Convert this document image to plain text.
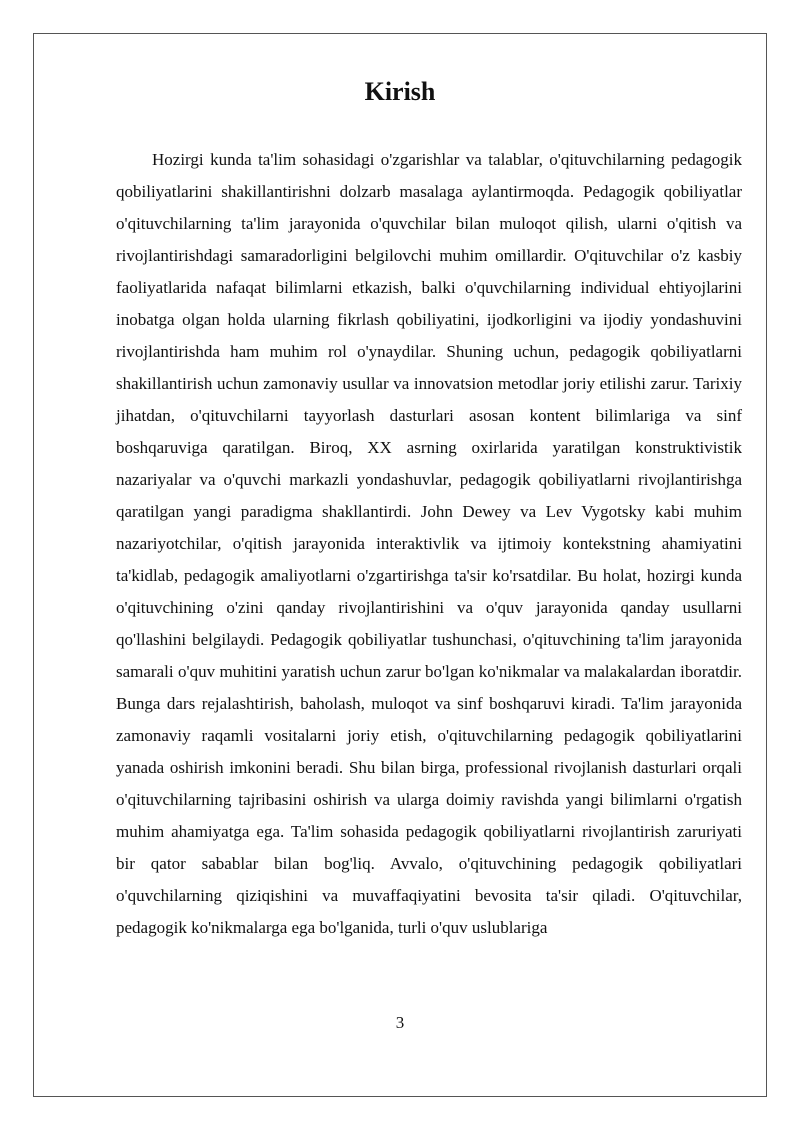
Kirish

Hozirgi kunda ta'lim sohasidagi o'zgarishlar va talablar, o'qituvchilarning pedagogik qobiliyatlarini shakillantirishni dolzarb masalaga aylantirmoqda. Pedagogik qobiliyatlar o'qituvchilarning ta'lim jarayonida o'quvchilar bilan muloqot qilish, ularni o'qitish va rivojlantirishdagi samaradorligini belgilovchi muhim omillardir. O'qituvchilar o'z kasbiy faoliyatlarida nafaqat bilimlarni etkazish, balki o'quvchilarning individual ehtiyojlarini inobatga olgan holda ularning fikrlash qobiliyatini, ijodkorligini va ijodiy yondashuvini rivojlantirishda ham muhim rol o'ynaydilar. Shuning uchun, pedagogik qobiliyatlarni shakillantirish uchun zamonaviy usullar va innovatsion metodlar joriy etilishi zarur. Tarixiy jihatdan, o'qituvchilarni tayyorlash dasturlari asosan kontent bilimlariga va sinf boshqaruviga qaratilgan. Biroq, XX asrning oxirlarida yaratilgan konstruktivistik nazariyalar va o'quvchi markazli yondashuvlar, pedagogik qobiliyatlarni rivojlantirishga qaratilgan yangi paradigma shakllantirdi. John Dewey va Lev Vygotsky kabi muhim nazariyotchilar, o'qitish jarayonida interaktivlik va ijtimoiy kontekstning ahamiyatini ta'kidlab, pedagogik amaliyotlarni o'zgartirishga ta'sir ko'rsatdilar. Bu holat, hozirgi kunda o'qituvchining o'zini qanday rivojlantirishini va o'quv jarayonida qanday usullarni qo'llashini belgilaydi. Pedagogik qobiliyatlar tushunchasi, o'qituvchining ta'lim jarayonida samarali o'quv muhitini yaratish uchun zarur bo'lgan ko'nikmalar va malakalardan iboratdir. Bunga dars rejalashtirish, baholash, muloqot va sinf boshqaruvi kiradi. Ta'lim jarayonida zamonaviy raqamli vositalarni joriy etish, o'qituvchilarning pedagogik qobiliyatlarini yanada oshirish imkonini beradi. Shu bilan birga, professional rivojlanish dasturlari orqali o'qituvchilarning tajribasini oshirish va ularga doimiy ravishda yangi bilimlarni o'rgatish muhim ahamiyatga ega. Ta'lim sohasida pedagogik qobiliyatlarni rivojlantirish zaruriyati bir qator sabablar bilan bog'liq. Avvalo, o'qituvchining pedagogik qobiliyatlari o'quvchilarning qiziqishini va muvaffaqiyatini bevosita ta'sir qiladi. O'qituvchilar, pedagogik ko'nikmalarga ega bo'lganida, turli o'quv uslublariga

3
